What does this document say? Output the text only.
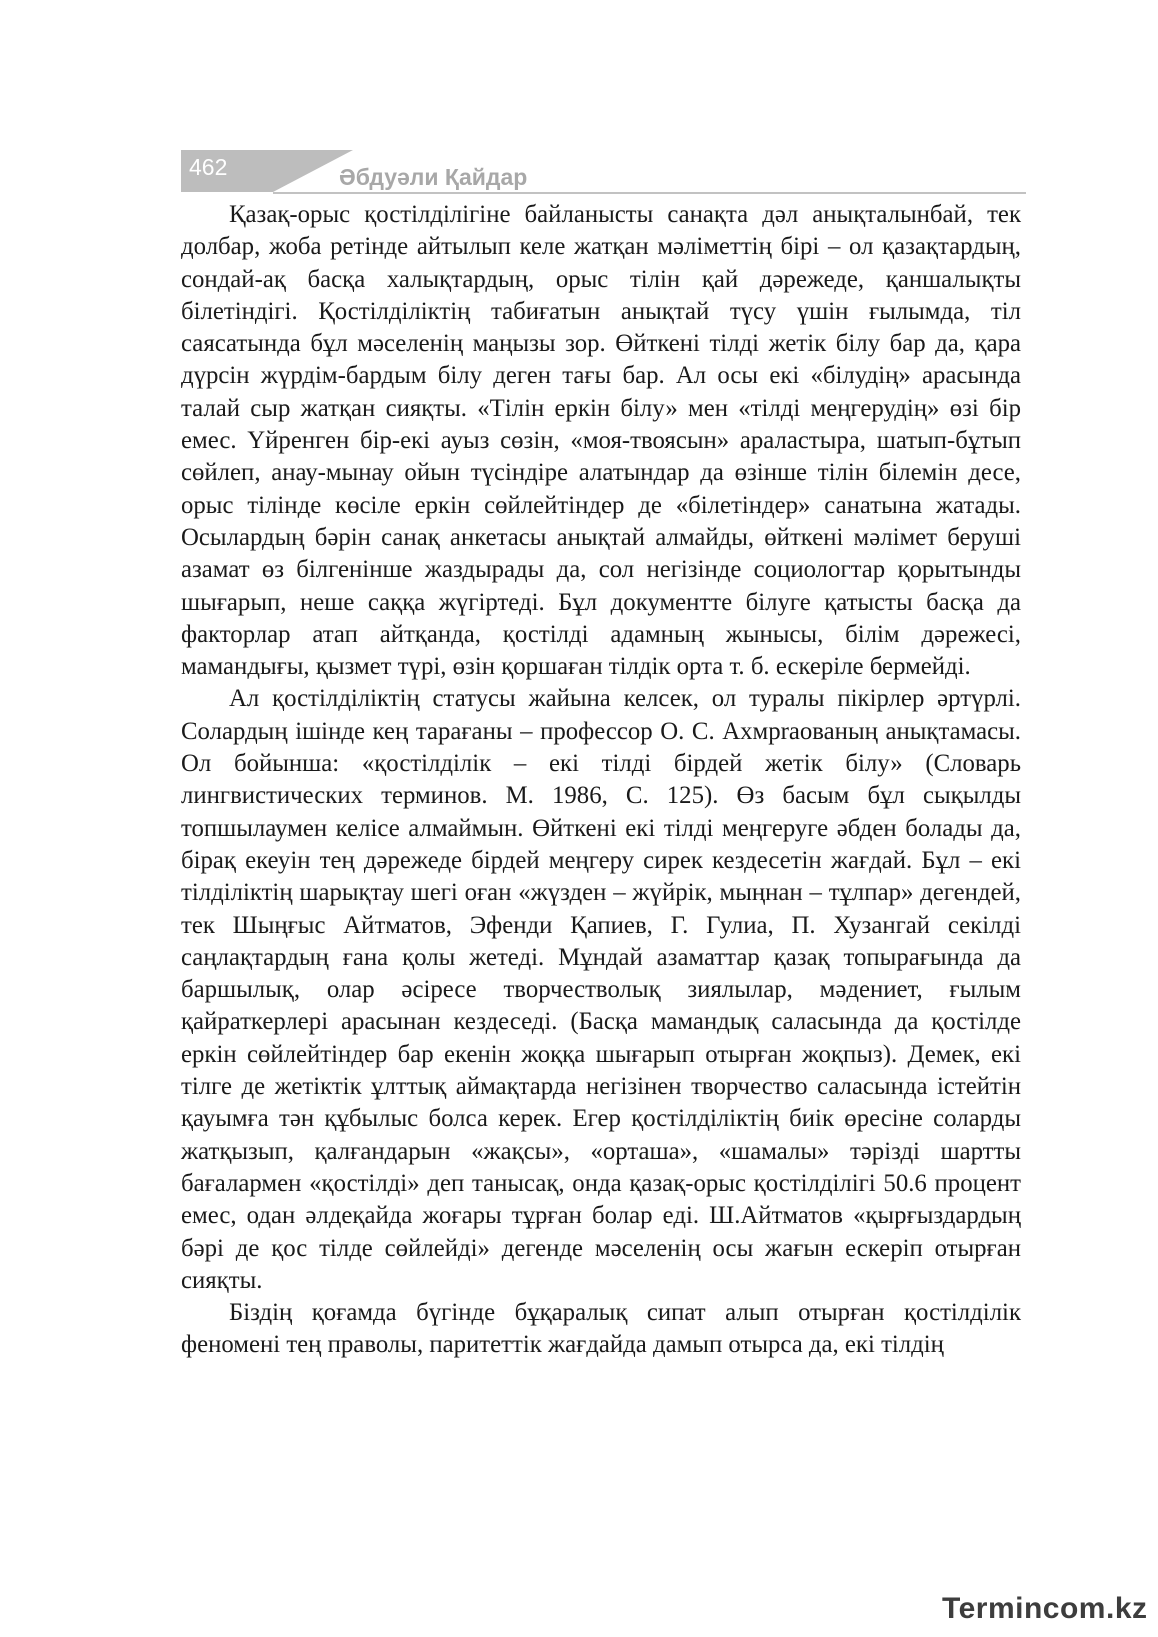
462	Әбдуәли Қайдар

Қазақ-орыс қостілділігіне байланысты санақта дәл анықталынбай, тек долбар, жоба ретінде айтылып келе жатқан мәліметтің бірі – ол қазақтардың, сондай-ақ басқа халықтардың, орыс тілін қай дәрежеде, қаншалықты білетіндігі. Қостілділіктің табиғатын анықтай түсу үшін ғылымда, тіл саясатында бұл мәселенің маңызы зор. Өйткені тілді жетік білу бар да, қара дүрсін жүрдім-бардым білу деген тағы бар. Ал осы екі «білудің» арасында талай сыр жатқан сияқты. «Тілін еркін білу» мен «тілді меңгерудің» өзі бір емес. Үйренген бір-екі ауыз сөзін, «моя-твоясын» араластыра, шатып-бұтып сөйлеп, анау-мынау ойын түсіндіре алатындар да өзінше тілін білемін десе, орыс тілінде көсіле еркін сөйлейтіндер де «білетіндер» санатына жатады. Осылардың бәрін санақ анкетасы анықтай алмайды, өйткені мәлімет беруші азамат өз білгенінше жаздырады да, сол негізінде социологтар қорытынды шығарып, неше саққа жүгіртеді. Бұл документте білуге қатысты басқа да факторлар атап айтқанда, қостілді адамның жынысы, білім дәрежесі, мамандығы, қызмет түрі, өзін қоршаған тілдік орта т. б. ескеріле бермейді.

Ал қостілділіктің статусы жайына келсек, ол туралы пікірлер әртүрлі. Солардың ішінде кең тарағаны – профессор О. С. Ахмpraованың анықтамасы. Ол бойынша: «қостілділік – екі тілді бірдей жетік білу» (Словарь лингвистических терминов. М. 1986, С. 125). Өз басым бұл сықылды топшылаумен келісе алмаймын. Өйткені екі тілді меңгеруге әбден болады да, бірақ екеуін тең дәрежеде бірдей меңгеру сирек кездесетін жағдай. Бұл – екі тілділіктің шарықтау шегі оған «жүзден – жүйрік, мыңнан – тұлпар» дегендей, тек Шыңғыс Айтматов, Эфенди Қапиев, Г. Гулиа, П. Хузангай секілді саңлақтардың ғана қолы жетеді. Мұндай азаматтар қазақ топырағында да баршылық, олар әсіресе творчестволық зиялылар, мәдениет, ғылым қайраткерлері арасынан кездеседі. (Басқа мамандық саласында да қостілде еркін сөйлейтіндер бар екенін жоққа шығарып отырған жоқпыз). Демек, екі тілге де жетіктік ұлттық аймақтарда негізінен творчество саласында істейтін қауымға тән құбылыс болса керек. Егер қостілділіктің биік өресіне соларды жатқызып, қалғандарын «жақсы», «орташа», «шамалы» тәрізді шартты бағалармен «қостілді» деп танысақ, онда қазақ-орыс қостілділігі 50.6 процент емес, одан әлдеқайда жоғары тұрған болар еді. Ш.Айтматов «қырғыздардың бәрі де қос тілде сөйлейді» дегенде мәселенің осы жағын ескеріп отырған сияқты.

Біздің қоғамда бүгінде бұқаралық сипат алып отырған қостілділік феномені тең праволы, паритеттік жағдайда дамып отырса да, екі тілдің

Termincom.kz
